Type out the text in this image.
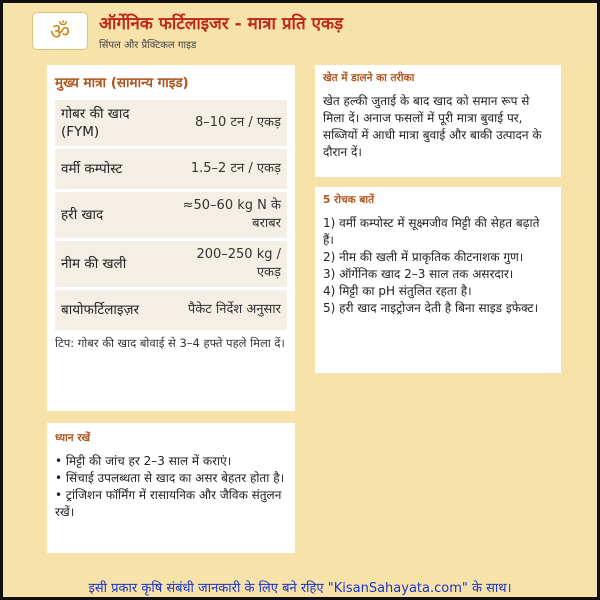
ॐ	ऑर्गेनिक फर्टिलाइजर - मात्रा प्रति एकड़
सिंपल और प्रैक्टिकल गाइड
मुख्य मात्रा (सामान्य गाइड)
गोबर की खाद (FYM)	8–10 टन / एकड़
वर्मी कम्पोस्ट	1.5–2 टन / एकड़
हरी खाद	≈50–60 kg N के बराबर
नीम की खली	200–250 kg / एकड़
बायोफर्टिलाइज़र	पैकेट निर्देश अनुसार
टिप: गोबर की खाद बोवाई से 3–4 हफ्ते पहले मिला दें।
खेत में डालने का तरीका
खेत हल्की जुताई के बाद खाद को समान रूप से मिला दें। अनाज फसलों में पूरी मात्रा बुवाई पर, सब्जियों में आधी मात्रा बुवाई और बाकी उत्पादन के दौरान दें।
5 रोचक बातें
1) वर्मी कम्पोस्ट में सूक्ष्मजीव मिट्टी की सेहत बढ़ाते हैं।
2) नीम की खली में प्राकृतिक कीटनाशक गुण।
3) ऑर्गेनिक खाद 2–3 साल तक असरदार।
4) मिट्टी का pH संतुलित रहता है।
5) हरी खाद नाइट्रोजन देती है बिना साइड इफेक्ट।
ध्यान रखें
• मिट्टी की जांच हर 2–3 साल में कराएं।
• सिंचाई उपलब्धता से खाद का असर बेहतर होता है।
• ट्रांजिशन फॉर्मिंग में रासायनिक और जैविक संतुलन रखें।
इसी प्रकार कृषि संबंधी जानकारी के लिए बने रहिए "KisanSahayata.com" के साथ।
